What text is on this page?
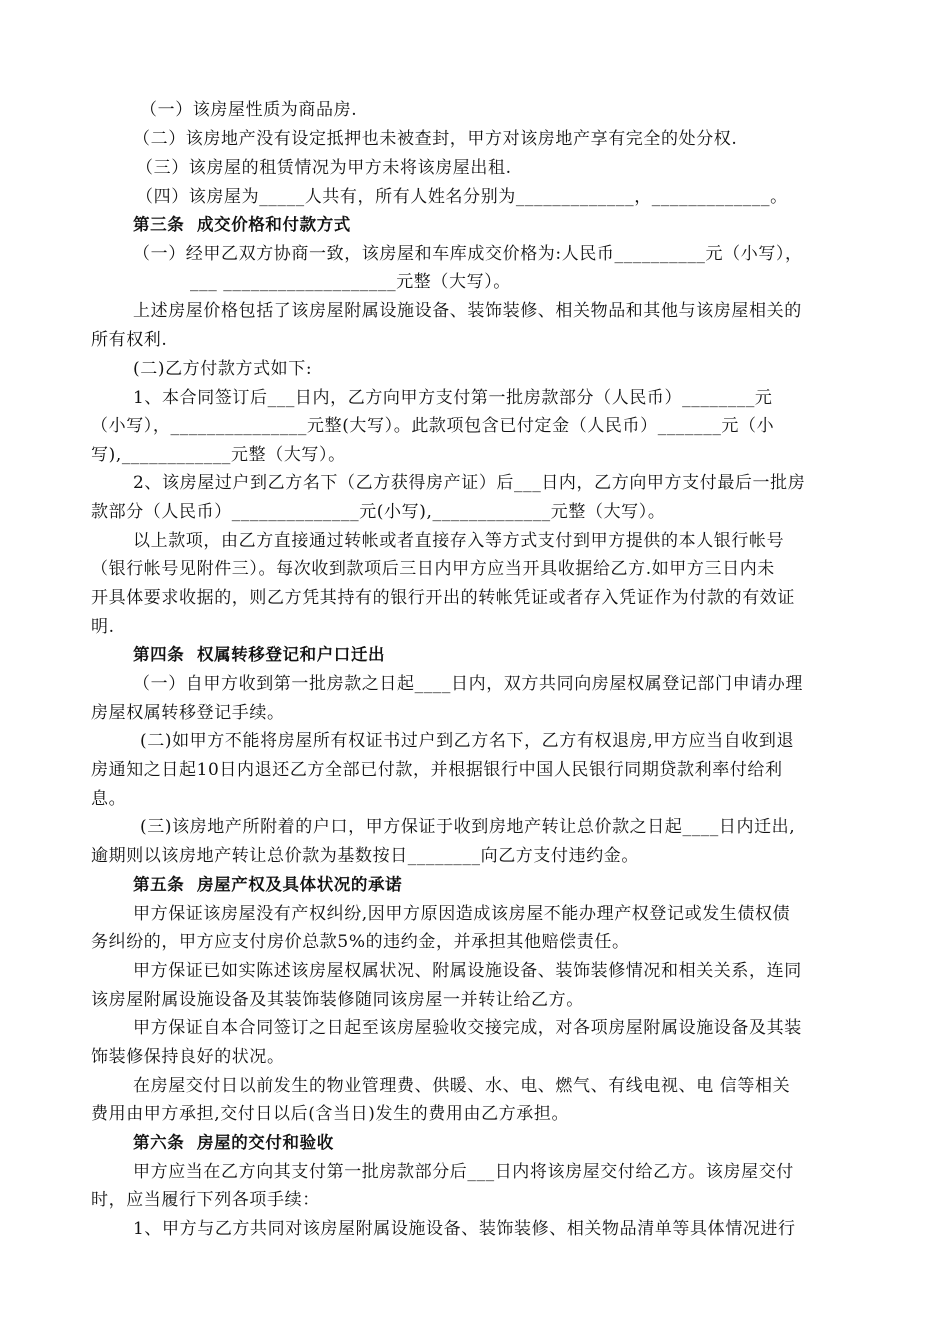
（一）该房屋性质为商品房.
（二）该房地产没有设定抵押也未被查封，甲方对该房地产享有完全的处分权.
（三）该房屋的租赁情况为甲方未将该房屋出租.
（四）该房屋为_____人共有，所有人姓名分别为_____________，_____________。
第三条  成交价格和付款方式
（一）经甲乙双方协商一致，该房屋和车库成交价格为:人民币__________元（小写），
___ ___________________元整（大写）。
上述房屋价格包括了该房屋附属设施设备、装饰装修、相关物品和其他与该房屋相关的
所有权利.
(二)乙方付款方式如下:
1、本合同签订后___日内，乙方向甲方支付第一批房款部分（人民币）________元
（小写），_______________元整(大写）。此款项包含已付定金（人民币）_______元（小
写),____________元整（大写）。
2、该房屋过户到乙方名下（乙方获得房产证）后___日内，乙方向甲方支付最后一批房
款部分（人民币）______________元(小写),_____________元整（大写）。
以上款项，由乙方直接通过转帐或者直接存入等方式支付到甲方提供的本人银行帐号
（银行帐号见附件三）。每次收到款项后三日内甲方应当开具收据给乙方.如甲方三日内未
开具体要求收据的，则乙方凭其持有的银行开出的转帐凭证或者存入凭证作为付款的有效证
明.
第四条  权属转移登记和户口迁出
（一）自甲方收到第一批房款之日起____日内，双方共同向房屋权属登记部门申请办理
房屋权属转移登记手续。
(二)如甲方不能将房屋所有权证书过户到乙方名下，乙方有权退房,甲方应当自收到退
房通知之日起10日内退还乙方全部已付款，并根据银行中国人民银行同期贷款利率付给利
息。
(三)该房地产所附着的户口，甲方保证于收到房地产转让总价款之日起____日内迁出,
逾期则以该房地产转让总价款为基数按日________向乙方支付违约金。
第五条  房屋产权及具体状况的承诺
甲方保证该房屋没有产权纠纷,因甲方原因造成该房屋不能办理产权登记或发生债权债
务纠纷的，甲方应支付房价总款5%的违约金，并承担其他赔偿责任。
甲方保证已如实陈述该房屋权属状况、附属设施设备、装饰装修情况和相关关系，连同
该房屋附属设施设备及其装饰装修随同该房屋一并转让给乙方。
甲方保证自本合同签订之日起至该房屋验收交接完成，对各项房屋附属设施设备及其装
饰装修保持良好的状况。
在房屋交付日以前发生的物业管理费、供暖、水、电、燃气、有线电视、电 信等相关
费用由甲方承担,交付日以后(含当日)发生的费用由乙方承担。
第六条  房屋的交付和验收
甲方应当在乙方向其支付第一批房款部分后___日内将该房屋交付给乙方。该房屋交付
时，应当履行下列各项手续：
1、甲方与乙方共同对该房屋附属设施设备、装饰装修、相关物品清单等具体情况进行
